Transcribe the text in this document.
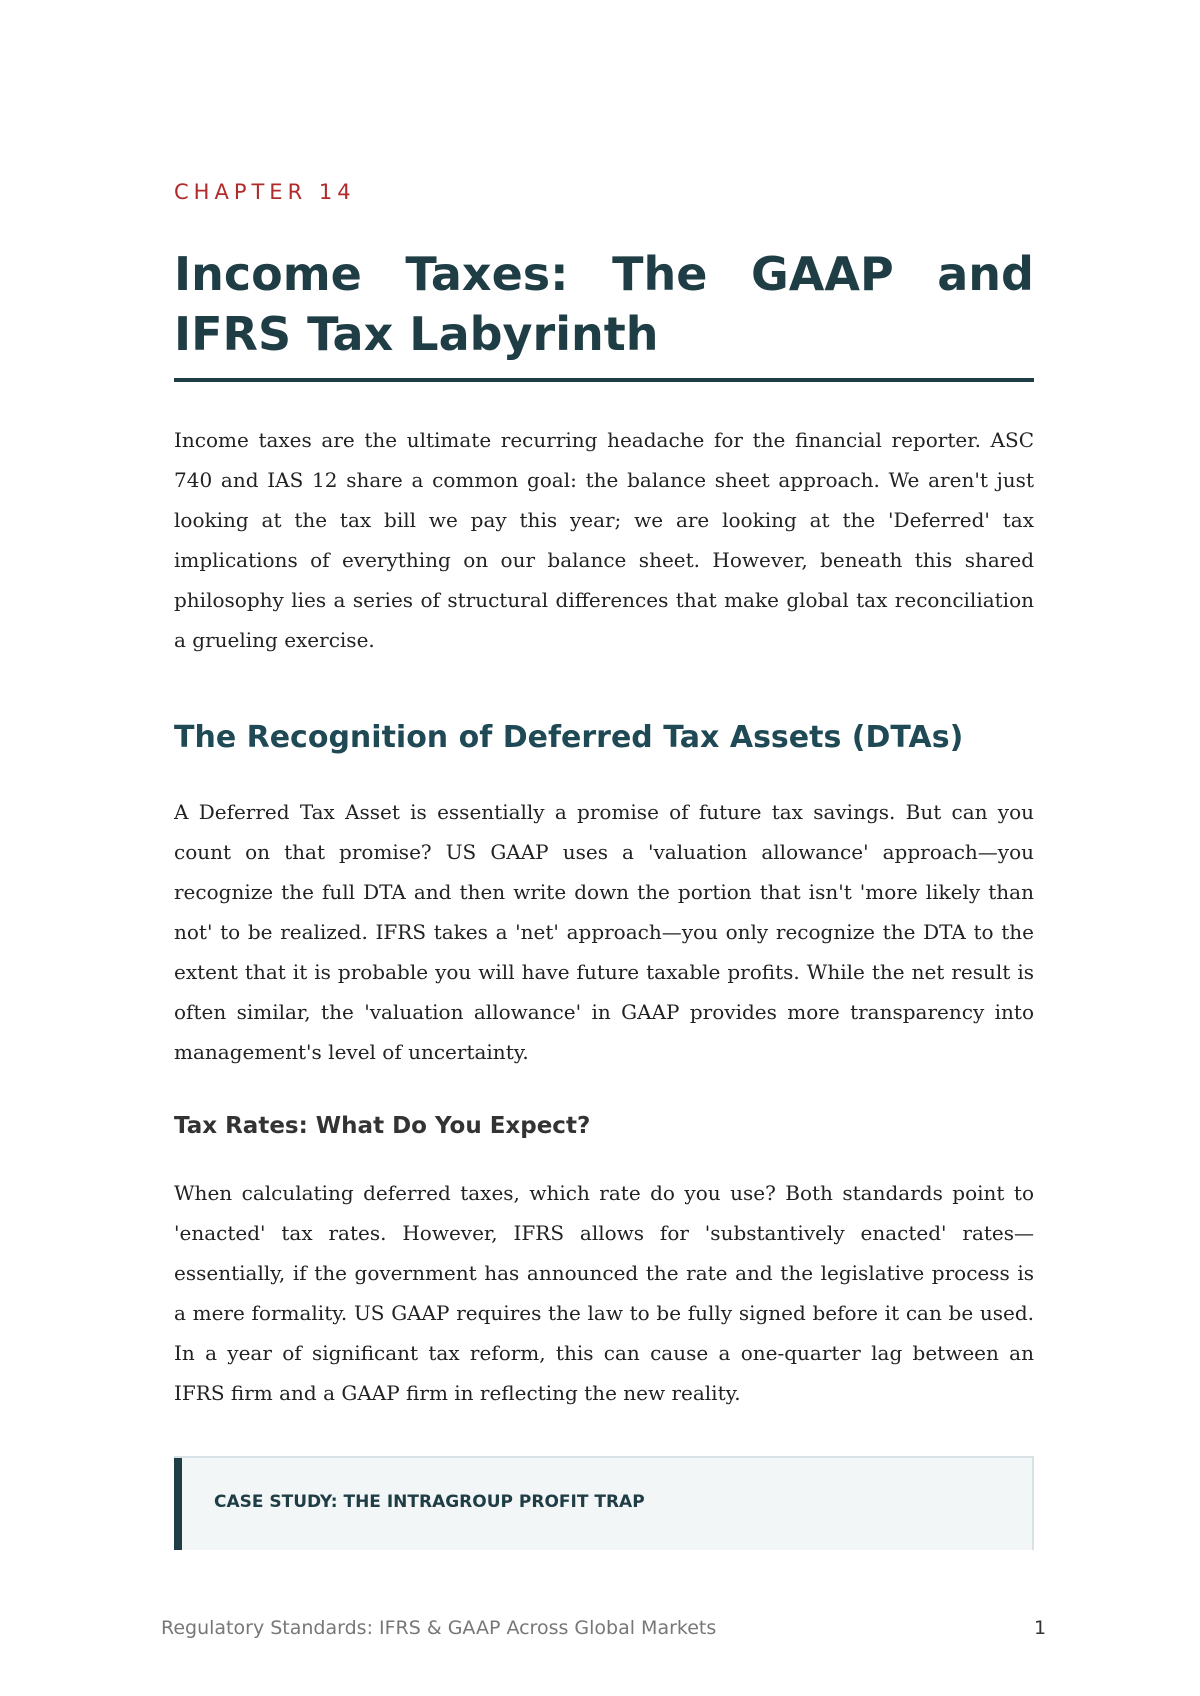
CHAPTER 14
Income Taxes: The GAAP and IFRS Tax Labyrinth

Income taxes are the ultimate recurring headache for the financial reporter. ASC 740 and IAS 12 share a common goal: the balance sheet approach. We aren't just looking at the tax bill we pay this year; we are looking at the 'Deferred' tax implications of everything on our balance sheet. However, beneath this shared philosophy lies a series of structural differences that make global tax reconciliation a grueling exercise.

The Recognition of Deferred Tax Assets (DTAs)

A Deferred Tax Asset is essentially a promise of future tax savings. But can you count on that promise? US GAAP uses a 'valuation allowance' approach—you recognize the full DTA and then write down the portion that isn't 'more likely than not' to be realized. IFRS takes a 'net' approach—you only recognize the DTA to the extent that it is probable you will have future taxable profits. While the net result is often similar, the 'valuation allowance' in GAAP provides more transparency into management's level of uncertainty.

Tax Rates: What Do You Expect?

When calculating deferred taxes, which rate do you use? Both standards point to 'enacted' tax rates. However, IFRS allows for 'substantively enacted' rates—essentially, if the government has announced the rate and the legislative process is a mere formality. US GAAP requires the law to be fully signed before it can be used. In a year of significant tax reform, this can cause a one-quarter lag between an IFRS firm and a GAAP firm in reflecting the new reality.

CASE STUDY: THE INTRAGROUP PROFIT TRAP
Regulatory Standards: IFRS & GAAP Across Global Markets	1
